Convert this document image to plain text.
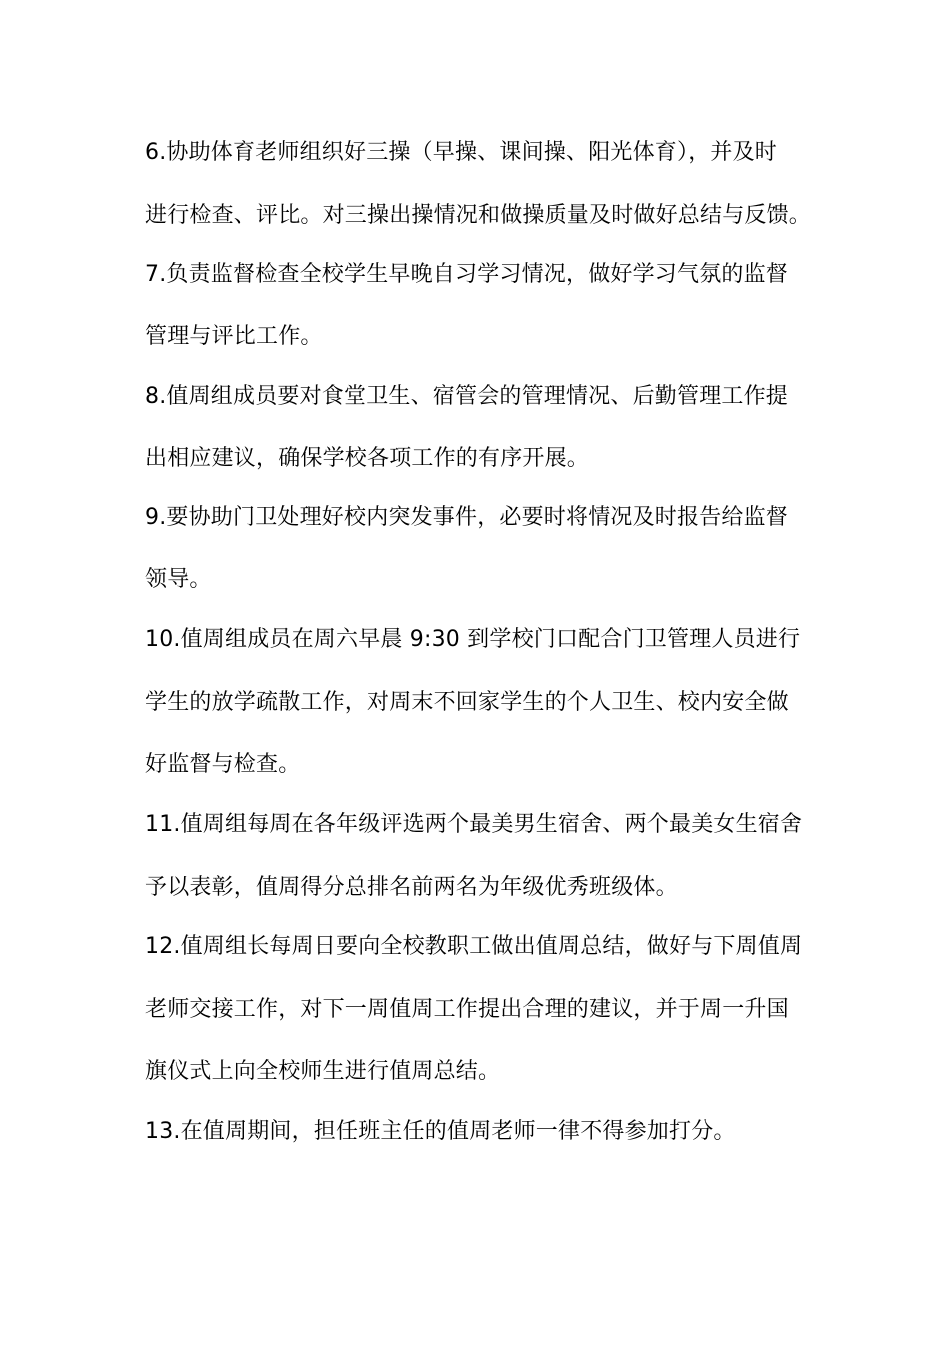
6.协助体育老师组织好三操（早操、课间操、阳光体育），并及时
进行检查、评比。对三操出操情况和做操质量及时做好总结与反馈。
7.负责监督检查全校学生早晚自习学习情况，做好学习气氛的监督
管理与评比工作。
8.值周组成员要对食堂卫生、宿管会的管理情况、后勤管理工作提
出相应建议，确保学校各项工作的有序开展。
9.要协助门卫处理好校内突发事件，必要时将情况及时报告给监督
领导。
10.值周组成员在周六早晨 9:30 到学校门口配合门卫管理人员进行
学生的放学疏散工作，对周末不回家学生的个人卫生、校内安全做
好监督与检查。
11.值周组每周在各年级评选两个最美男生宿舍、两个最美女生宿舍
予以表彰，值周得分总排名前两名为年级优秀班级体。
12.值周组长每周日要向全校教职工做出值周总结，做好与下周值周
老师交接工作，对下一周值周工作提出合理的建议，并于周一升国
旗仪式上向全校师生进行值周总结。
13.在值周期间，担任班主任的值周老师一律不得参加打分。
